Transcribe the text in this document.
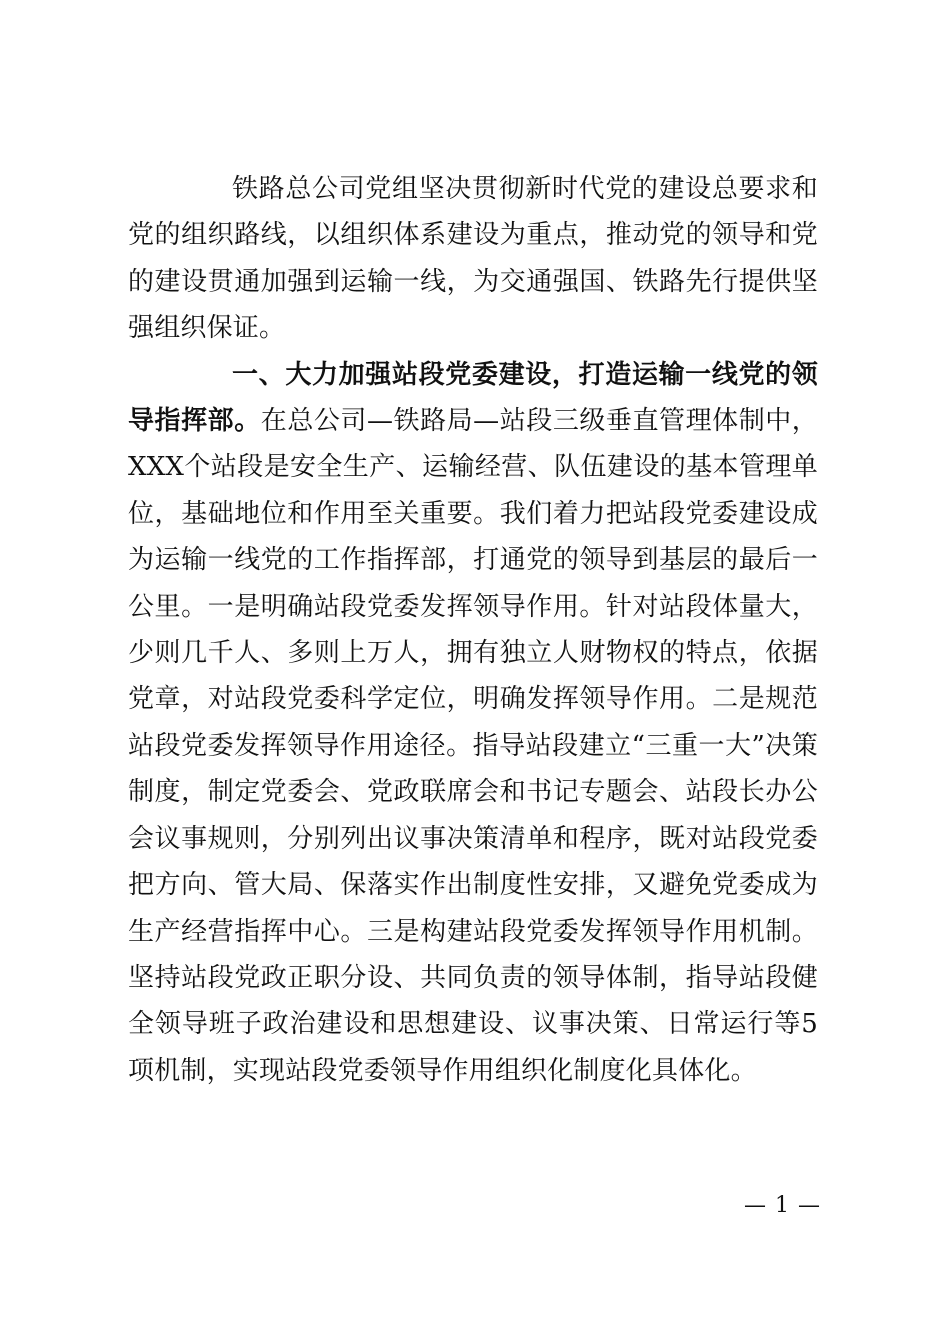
铁路总公司党组坚决贯彻新时代党的建设总要求和党的组织路线，以组织体系建设为重点，推动党的领导和党的建设贯通加强到运输一线，为交通强国、铁路先行提供坚强组织保证。

一、大力加强站段党委建设，打造运输一线党的领导指挥部。在总公司—铁路局—站段三级垂直管理体制中，XXX个站段是安全生产、运输经营、队伍建设的基本管理单位，基础地位和作用至关重要。我们着力把站段党委建设成为运输一线党的工作指挥部，打通党的领导到基层的最后一公里。一是明确站段党委发挥领导作用。针对站段体量大，少则几千人、多则上万人，拥有独立人财物权的特点，依据党章，对站段党委科学定位，明确发挥领导作用。二是规范站段党委发挥领导作用途径。指导站段建立“三重一大”决策制度，制定党委会、党政联席会和书记专题会、站段长办公会议事规则，分别列出议事决策清单和程序，既对站段党委把方向、管大局、保落实作出制度性安排，又避免党委成为生产经营指挥中心。三是构建站段党委发挥领导作用机制。坚持站段党政正职分设、共同负责的领导体制，指导站段健全领导班子政治建设和思想建设、议事决策、日常运行等5项机制，实现站段党委领导作用组织化制度化具体化。

— 1 —
